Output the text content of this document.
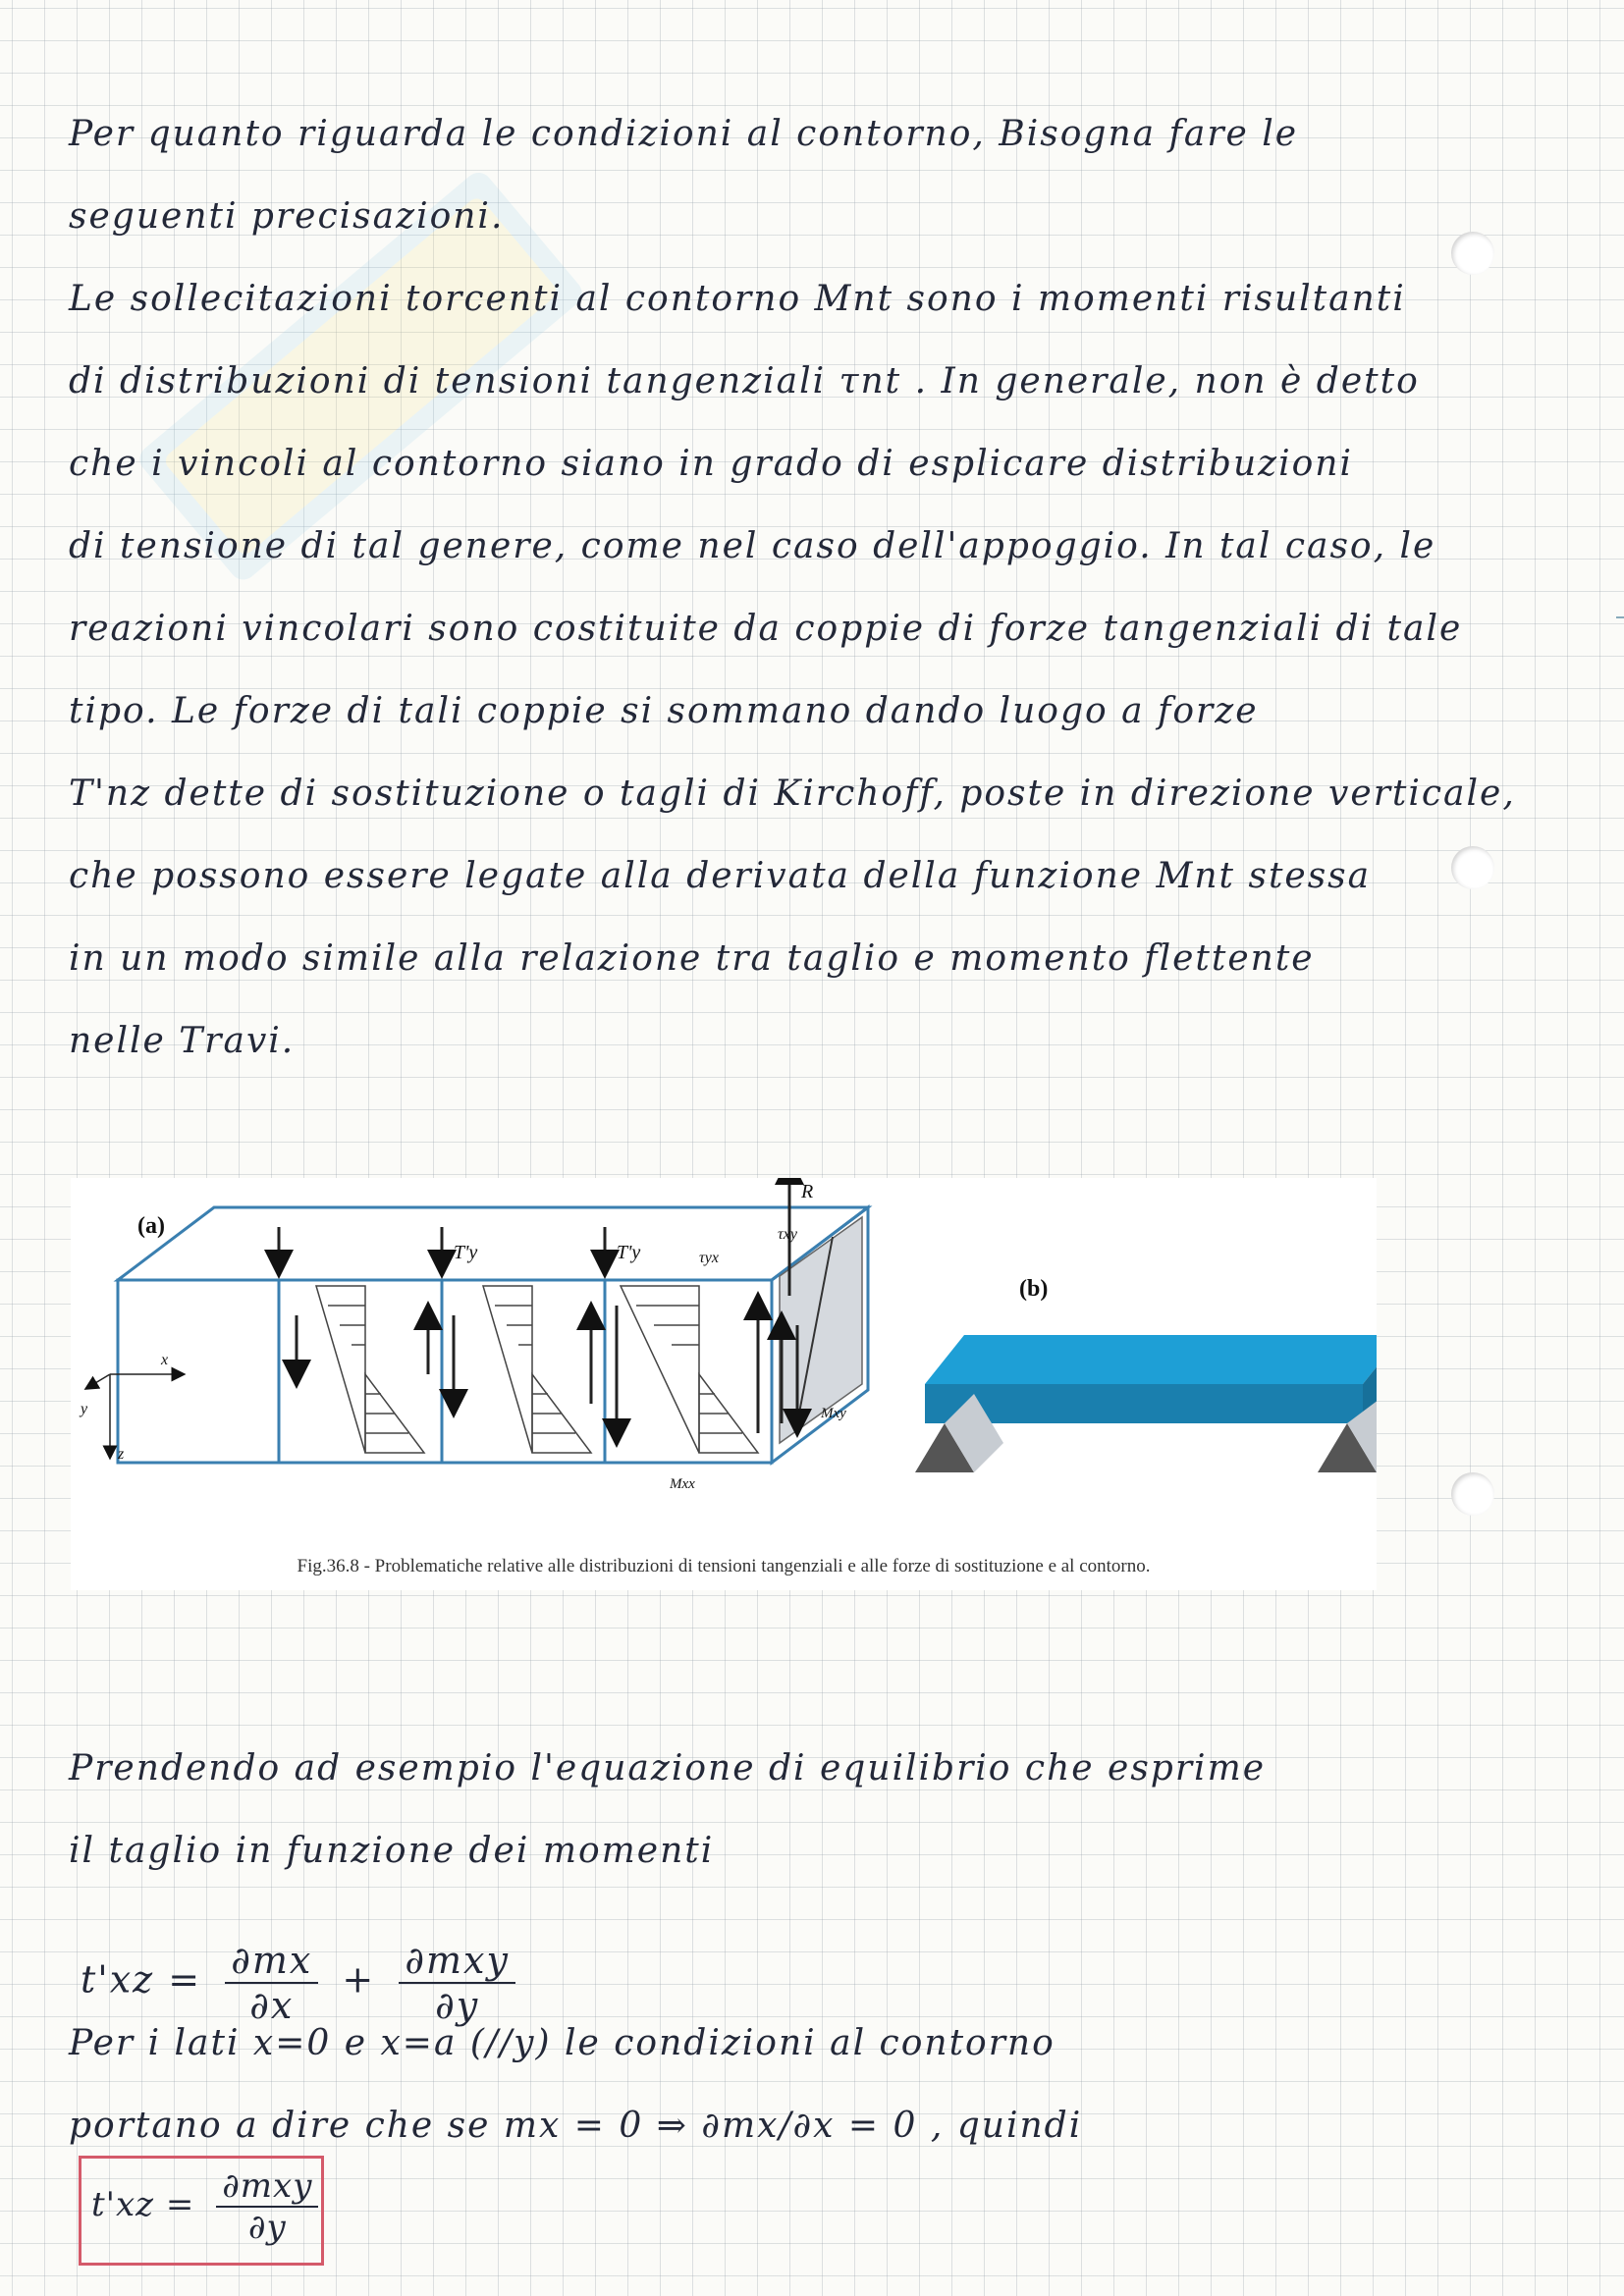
Per quanto riguarda le condizioni al contorno, Bisogna fare le
seguenti precisazioni.
Le sollecitazioni torcenti al contorno Mnt sono i momenti risultanti
di distribuzioni di tensioni tangenziali τnt . In generale, non è detto
che i vincoli al contorno siano in grado di esplicare distribuzioni
di tensione di tal genere, come nel caso dell'appoggio. In tal caso, le
reazioni vincolari sono costituite da coppie di forze tangenziali di tale
tipo. Le forze di tali coppie si sommano dando luogo a forze
T'nz dette di sostituzione o tagli di Kirchoff, poste in direzione verticale,
che possono essere legate alla derivata della funzione Mnt stessa
in un modo simile alla relazione tra taglio e momento flettente
nelle Travi.
(a)
(b)
R
T'y	T'y	τyx
τxy
Mxy
Mxx
x
y
z
Fig.36.8 - Problematiche relative alle distribuzioni di tensioni tangenziali e alle forze di sostituzione e al contorno.
Prendendo ad esempio l'equazione di equilibrio che esprime
il taglio in funzione dei momenti
$t'xz = \frac{\partial mx}{\partial x} + \frac{\text{∂mxy}}{\partial y}$
Per i lati x=0 e x=a (//y) le condizioni al contorno
portano a dire che se mx = 0 ⇒ ∂mx/∂x = 0 , quindi
$t'xz = \frac{\text{∂mxy}}{\partial y}$
